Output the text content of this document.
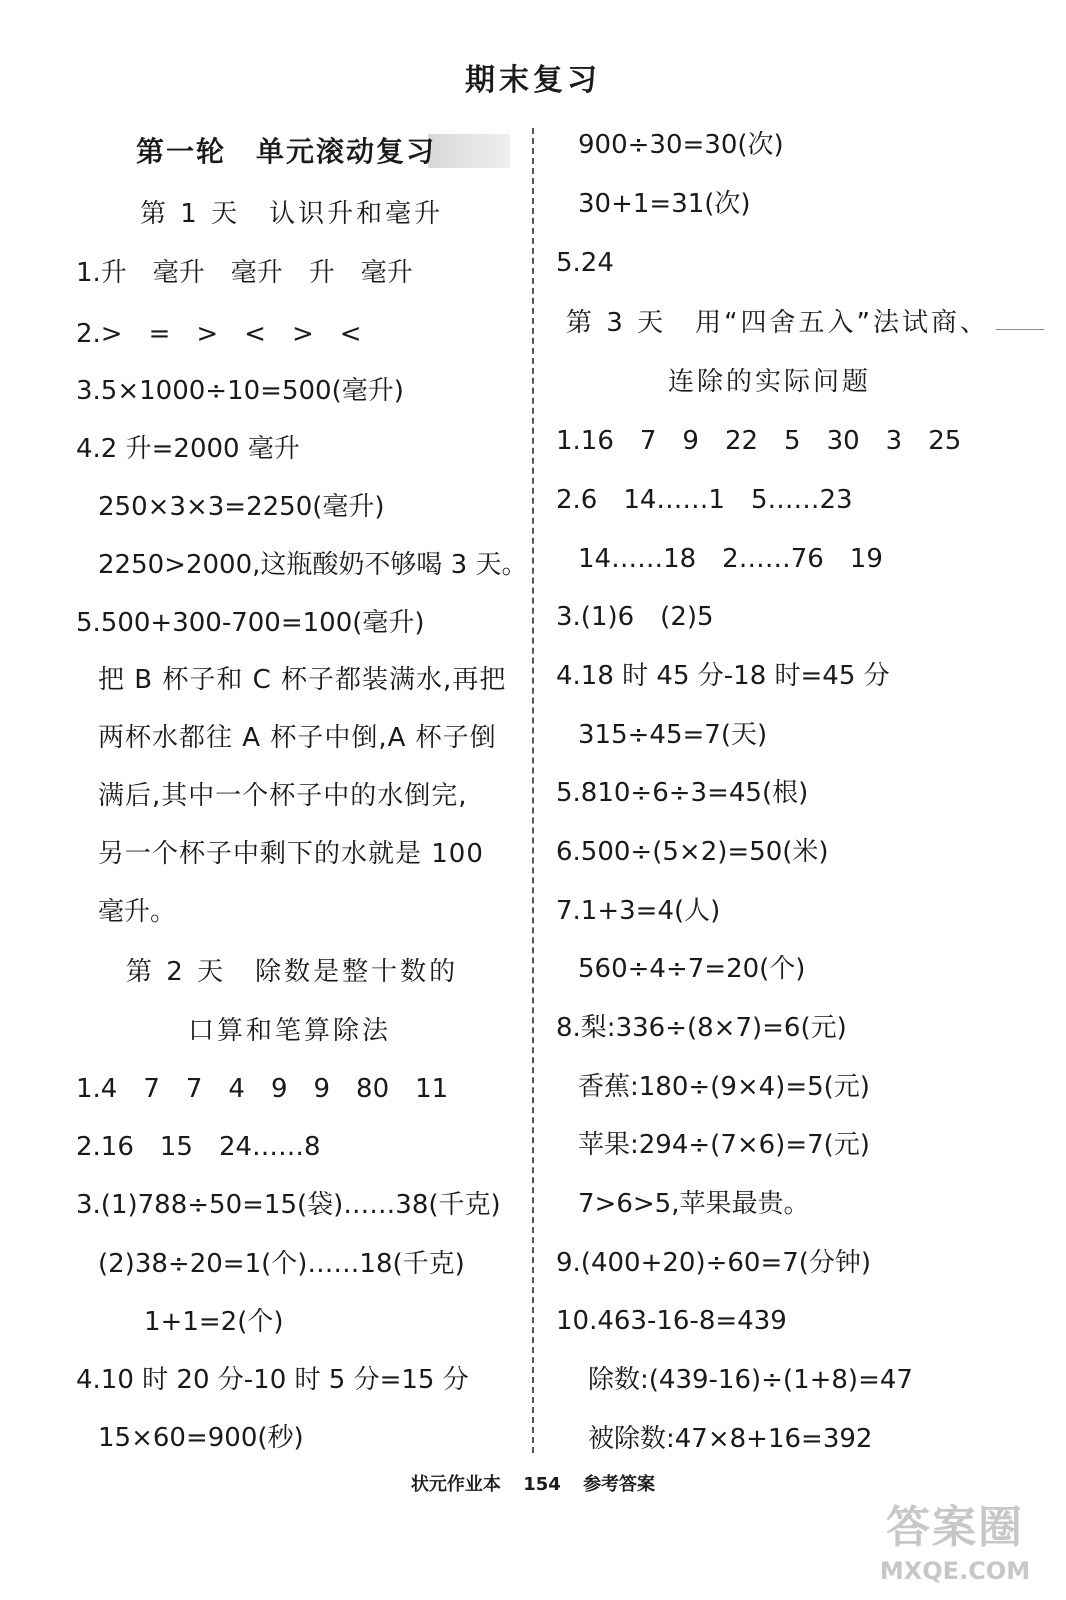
期末复习
第一轮　单元滚动复习
第 1 天　认识升和毫升
1.升　毫升　毫升　升　毫升
2.>　=　>　<　>　<
3.5×1000÷10=500(毫升)
4.2 升=2000 毫升
250×3×3=2250(毫升)
2250>2000,这瓶酸奶不够喝 3 天。
5.500+300-700=100(毫升)
把 B 杯子和 C 杯子都装满水,再把
两杯水都往 A 杯子中倒,A 杯子倒
满后,其中一个杯子中的水倒完,
另一个杯子中剩下的水就是 100
毫升。
第 2 天　除数是整十数的
口算和笔算除法
1.4　7　7　4　9　9　80　11
2.16　15　24……8
3.(1)788÷50=15(袋)……38(千克)
(2)38÷20=1(个)……18(千克)
1+1=2(个)
4.10 时 20 分-10 时 5 分=15 分
15×60=900(秒)
900÷30=30(次)
30+1=31(次)
5.24
第 3 天　用“四舍五入”法试商、
连除的实际问题
1.16　7　9　22　5　30　3　25
2.6　14……1　5……23
14……18　2……76　19
3.(1)6　(2)5
4.18 时 45 分-18 时=45 分
315÷45=7(天)
5.810÷6÷3=45(根)
6.500÷(5×2)=50(米)
7.1+3=4(人)
560÷4÷7=20(个)
8.梨:336÷(8×7)=6(元)
香蕉:180÷(9×4)=5(元)
苹果:294÷(7×6)=7(元)
7>6>5,苹果最贵。
9.(400+20)÷60=7(分钟)
10.463-16-8=439
除数:(439-16)÷(1+8)=47
被除数:47×8+16=392
状元作业本 154 参考答案
答案圈
MXQE.COM
